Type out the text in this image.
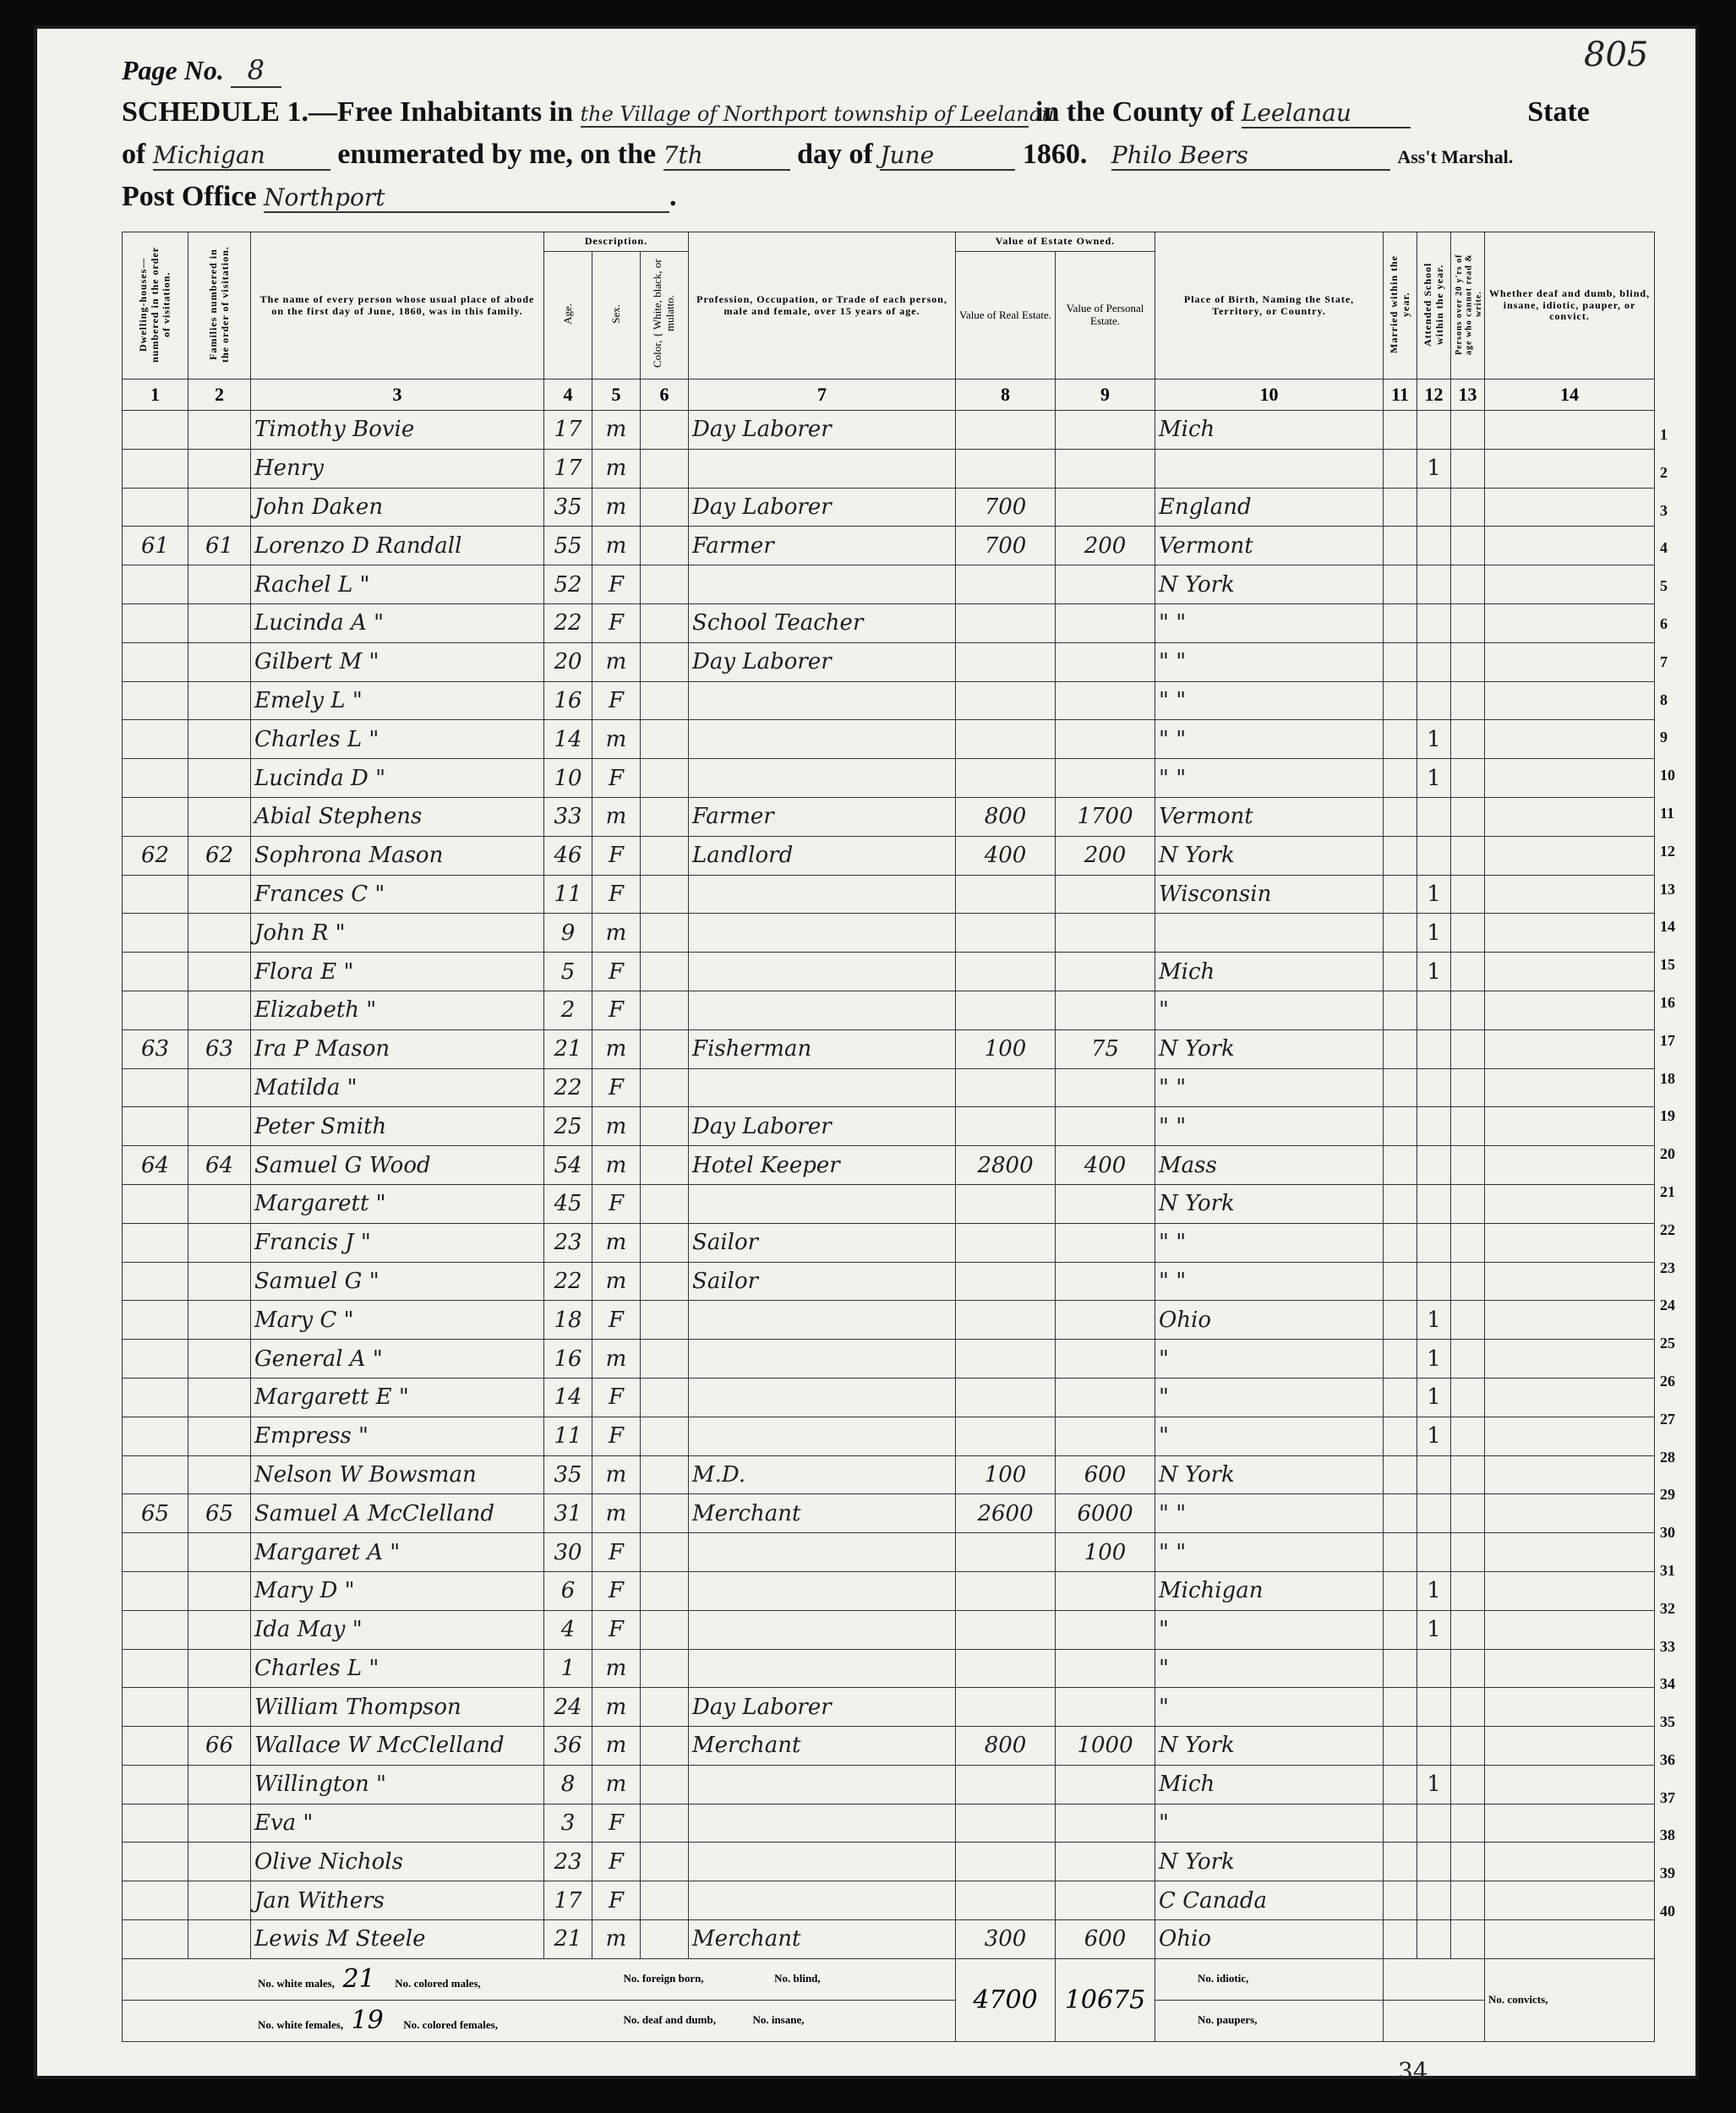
Page No. 8	805
SCHEDULE 1.—Free Inhabitants in the Village of Northport township of Leelanau in the County of Leelanau	State
of Michigan	enumerated by me, on the 7th	day of June	1860. Philo Beers	Ass't Marshal.
Post Office Northport	.
Dwelling-houses—numbered in the order of visitation.	Families numbered in the order of visitation.	The name of every person whose usual place of abode on the first day of June, 1860, was in this family.	Description.			Profession, Occupation, or Trade of each person, male and female, over 15 years of age.	Value of Estate Owned.		Place of Birth, Naming the State, Territory, or Country.	Married within the year.	Attended School within the year.	Persons over 20 y'rs of age who cannot read & write.	Whether deaf and dumb, blind, insane, idiotic, pauper, or convict.
			Age.	Sex.	Color, { White, black, or mulatto.		Value of Real Estate.	Value of Personal Estate.					
1	2	3	4	5	6	7	8	9	10	11	12	13	14
		Timothy Bovie	17	m		Day Laborer			Mich				
		Henry	17	m							1		
		John Daken	35	m		Day Laborer	700		England				
61	61	Lorenzo D Randall	55	m		Farmer	700	200	Vermont				
		Rachel L "	52	F					N York				
		Lucinda A "	22	F		School Teacher			" "				
		Gilbert M "	20	m		Day Laborer			" "				
		Emely L "	16	F					" "				
		Charles L "	14	m					" "		1		
		Lucinda D "	10	F					" "		1		
		Abial Stephens	33	m		Farmer	800	1700	Vermont				
62	62	Sophrona Mason	46	F		Landlord	400	200	N York				
		Frances C "	11	F					Wisconsin		1		
		John R "	9	m							1		
		Flora E "	5	F					Mich		1		
		Elizabeth "	2	F					"				
63	63	Ira P Mason	21	m		Fisherman	100	75	N York				
		Matilda "	22	F					" "				
		Peter Smith	25	m		Day Laborer			" "				
64	64	Samuel G Wood	54	m		Hotel Keeper	2800	400	Mass				
		Margarett "	45	F					N York				
		Francis J "	23	m		Sailor			" "				
		Samuel G "	22	m		Sailor			" "				
		Mary C "	18	F					Ohio		1		
		General A "	16	m					"		1		
		Margarett E "	14	F					"		1		
		Empress "	11	F					"		1		
		Nelson W Bowsman	35	m		M.D.	100	600	N York				
65	65	Samuel A McClelland	31	m		Merchant	2600	6000	" "				
		Margaret A "	30	F				100	" "				
		Mary D "	6	F					Michigan		1		
		Ida May "	4	F					"		1		
		Charles L "	1	m					"				
		William Thompson	24	m		Day Laborer			"				
	66	Wallace W McClelland	36	m		Merchant	800	1000	N York				
		Willington "	8	m					Mich		1		
		Eva "	3	F					"				
		Olive Nichols	23	F					N York				
		Jan Withers	17	F					C Canada				
		Lewis M Steele	21	m		Merchant	300	600	Ohio				
No. white males, 21 No. colored males,			No. foreign born, No. blind,				4700	10675	No. idiotic,				No. convicts,
No. white females, 19 No. colored females,			No. deaf and dumb, No. insane,						No. paupers,				
1
2
3
4
5
6
7
8
9
10
11
12
13
14
15
16
17
18
19
20
21
22
23
24
25
26
27
28
29
30
31
32
33
34
35
36
37
38
39
40
34
